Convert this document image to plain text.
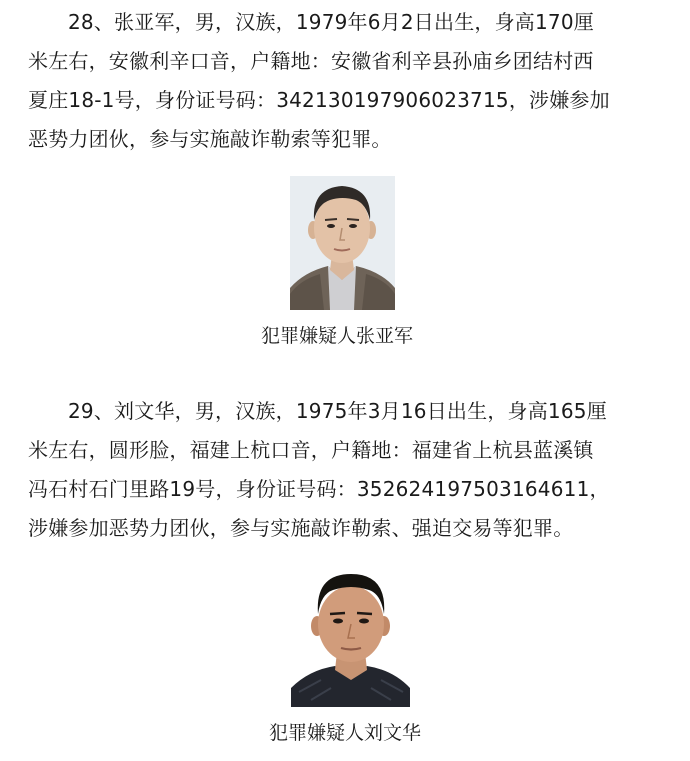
28、张亚军，男，汉族，1979年6月2日出生，身高170厘
米左右，安徽利辛口音，户籍地：安徽省利辛县孙庙乡团结村西
夏庄18-1号，身份证号码：342130197906023715，涉嫌参加
恶势力团伙，参与实施敲诈勒索等犯罪。
犯罪嫌疑人张亚军
29、刘文华，男，汉族，1975年3月16日出生，身高165厘
米左右，圆形脸，福建上杭口音，户籍地：福建省上杭县蓝溪镇
冯石村石门里路19号，身份证号码：352624197503164611，
涉嫌参加恶势力团伙，参与实施敲诈勒索、强迫交易等犯罪。
犯罪嫌疑人刘文华
